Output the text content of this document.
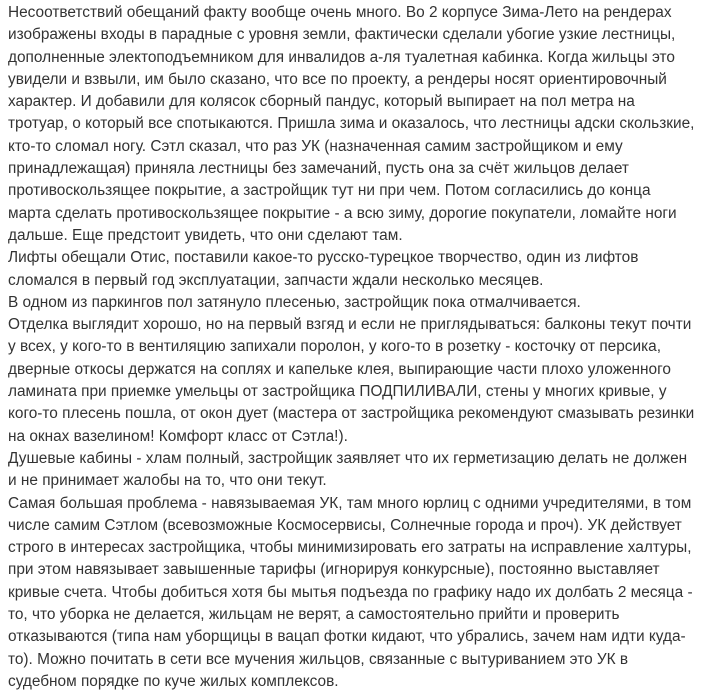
Несоответствий обещаний факту вообще очень много. Во 2 корпусе Зима-Лето на рендерах изображены входы в парадные с уровня земли, фактически сделали убогие узкие лестницы, дополненные электоподъемником для инвалидов а-ля туалетная кабинка. Когда жильцы это увидели и взвыли, им было сказано, что все по проекту, а рендеры носят ориентировочный характер. И добавили для колясок сборный пандус, который выпирает на пол метра на тротуар, о который все спотыкаются. Пришла зима и оказалось, что лестницы адски скользкие, кто-то сломал ногу. Сэтл сказал, что раз УК (назначенная самим застройщиком и ему принадлежащая) приняла лестницы без замечаний, пусть она за счёт жильцов делает противоскользящее покрытие, а застройщик тут ни при чем. Потом согласились до конца марта сделать противоскользящее покрытие - а всю зиму, дорогие покупатели, ломайте ноги дальше. Еще предстоит увидеть, что они сделают там.

Лифты обещали Отис, поставили какое-то русско-турецкое творчество, один из лифтов сломался в первый год эксплуатации, запчасти ждали несколько месяцев.

В одном из паркингов пол затянуло плесенью, застройщик пока отмалчивается.

Отделка выглядит хорошо, но на первый взгяд и если не приглядываться: балконы текут почти у всех, у кого-то в вентиляцию запихали поролон, у кого-то в розетку - косточку от персика, дверные откосы держатся на соплях и капельке клея, выпирающие части плохо уложенного ламината при приемке умельцы от застройщика ПОДПИЛИВАЛИ, стены у многих кривые, у кого-то плесень пошла, от окон дует (мастера от застройщика рекомендуют смазывать резинки на окнах вазелином! Комфорт класс от Сэтла!).

Душевые кабины - хлам полный, застройщик заявляет что их герметизацию делать не должен и не принимает жалобы на то, что они текут.

Самая большая проблема - навязываемая УК, там много юрлиц с одними учредителями, в том числе самим Сэтлом (всевозможные Космосервисы, Солнечные города и проч). УК действует строго в интересах застройщика, чтобы минимизировать его затраты на исправление халтуры, при этом навязывает завышенные тарифы (игнорируя конкурсные), постоянно выставляет кривые счета. Чтобы добиться хотя бы мытья подъезда по графику надо их долбать 2 месяца - то, что уборка не делается, жильцам не верят, а самостоятельно прийти и проверить отказываются (типа нам уборщицы в вацап фотки кидают, что убрались, зачем нам идти куда-то). Можно почитать в сети все мучения жильцов, связанные с вытуриванием это УК в судебном порядке по куче жилых комплексов.
